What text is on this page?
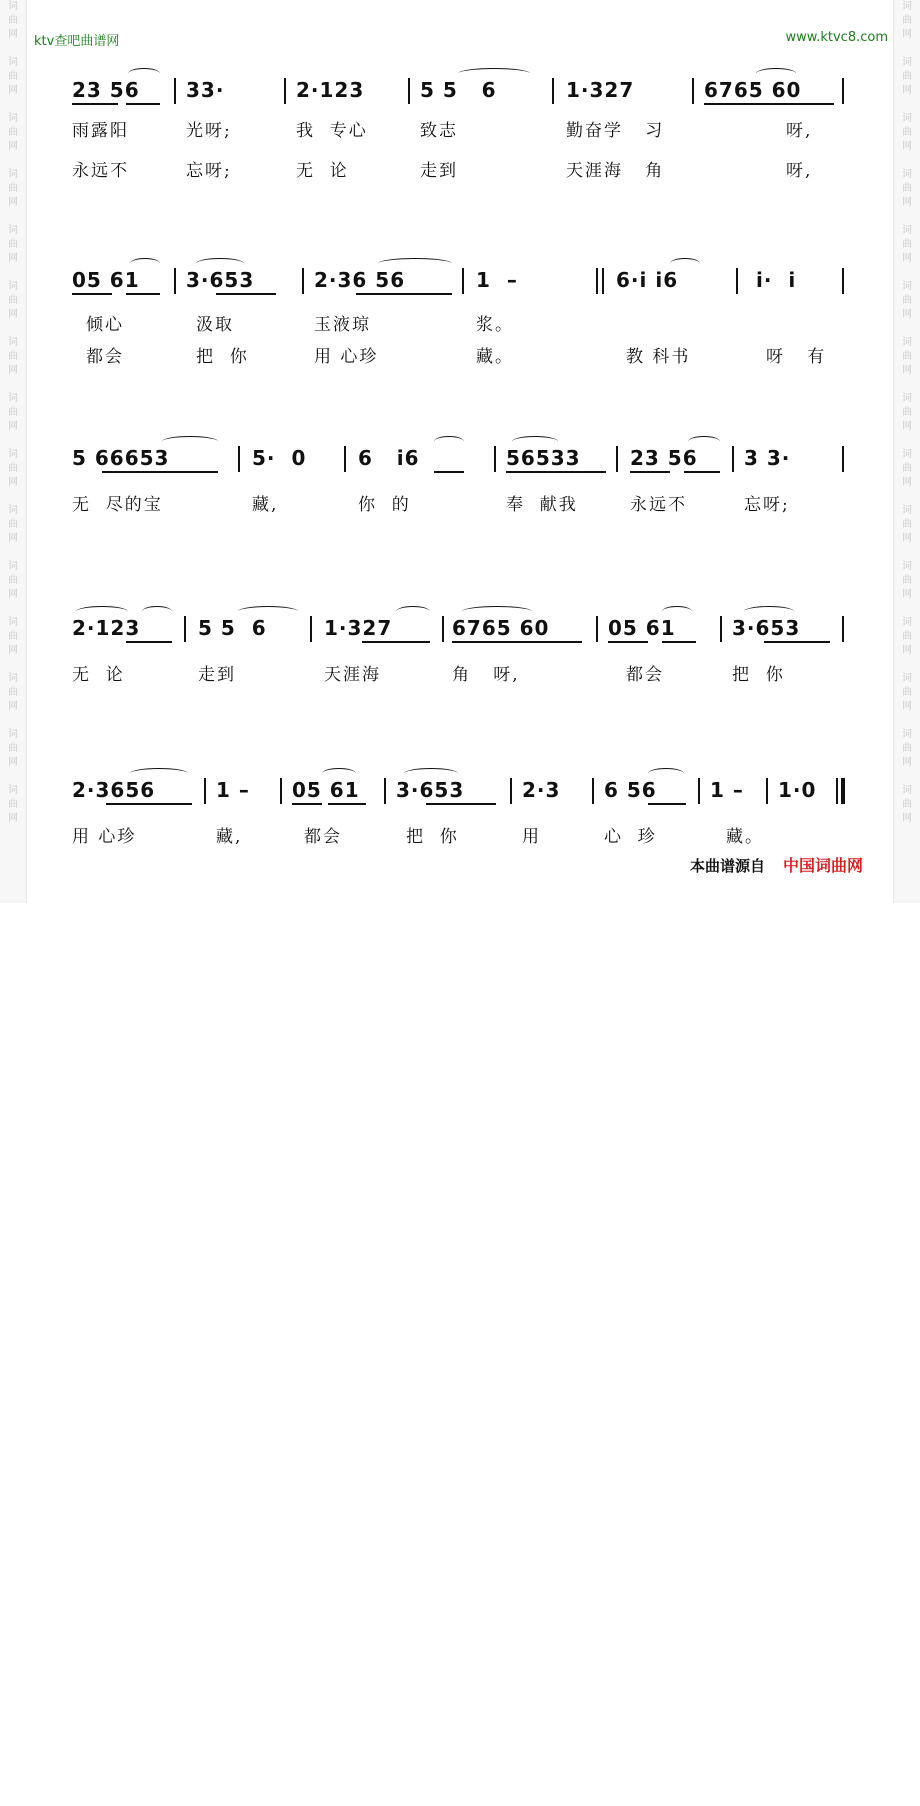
词
曲
网

词
曲
网

词
曲
网

词
曲
网

词
曲
网

词
曲
网

词
曲
网

词
曲
网

词
曲
网

词
曲
网

词
曲
网

词
曲
网

词
曲
网

词
曲
网

词
曲
网
词
曲
网

词
曲
网

词
曲
网

词
曲
网

词
曲
网

词
曲
网

词
曲
网

词
曲
网

词
曲
网

词
曲
网

词
曲
网

词
曲
网

词
曲
网

词
曲
网

词
曲
网
ktv查吧曲谱网	www.ktvc8.com

23 56

33·

	2·123

	5 5   6

	1·327

	6765 60

雨露阳

	光呀;

	我  专心

	致志

	勤奋学   习

	呀,

永远不

	忘呀;

	无  论

	走到

	天涯海   角

	呀,

05 61

3·653

	2·36 56

	1  –

	6·i i6

	i·  i

倾心

	汲取

	玉液琼

	浆。

都会

	把  你

	用 心珍

	藏。

	教 科书

	呀   有

5 66653

	5·  0

	6   i6

	56533

23 56

3 3·

无  尽的宝

	藏,

	你  的

	奉  献我

	永远不

	忘呀;

2·123

	5 5  6

	1·327

	6765 60

	05 61

	3·653

无  论

	走到

	天涯海

	角   呀,

	都会

	把  你

2·3656

	1 –

05 61

3·653

	2·3

6 56

	1 –

1·0

用 心珍

	藏,

	都会

	把  你

	用

	心  珍

	藏。

本曲谱源自 中国词曲网
